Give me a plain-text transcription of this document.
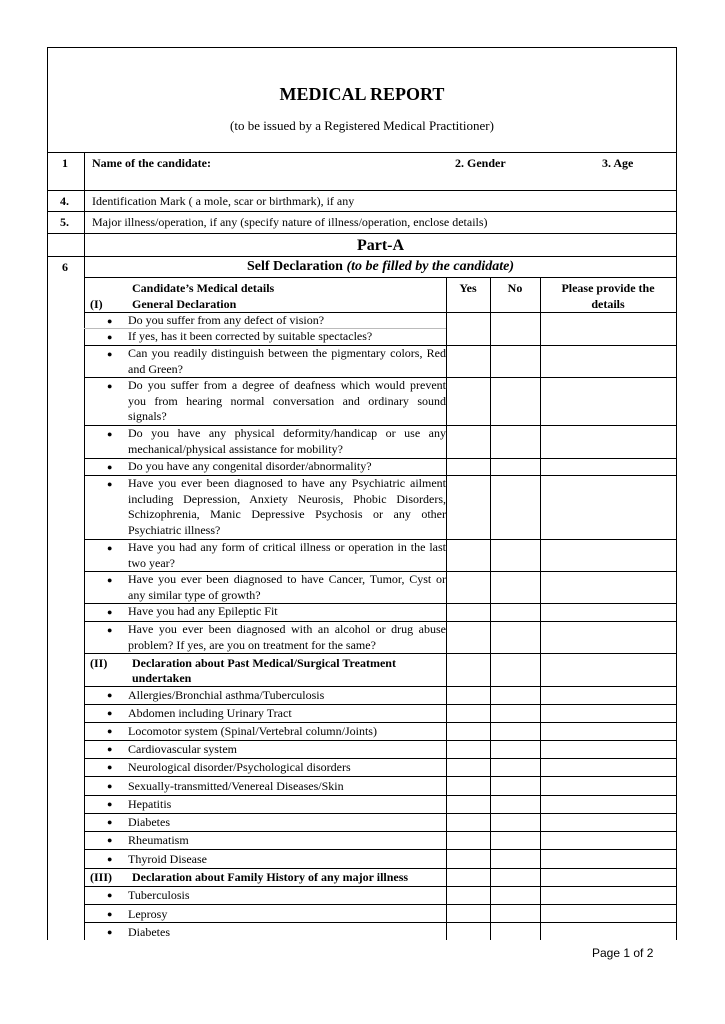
MEDICAL REPORT
(to be issued by a Registered Medical Practitioner)
1 Name of the candidate:	2. Gender	3. Age
4. Identification Mark ( a mole, scar or birthmark), if any
5. Major illness/operation, if any (specify nature of illness/operation, enclose details)
Part-A
6	Self Declaration (to be filled by the candidate)
Candidate’s Medical details
(I) General Declaration
Yes	No	Please provide the
details
● Do you suffer from any defect of vision?
● If yes, has it been corrected by suitable spectacles?
● Can you readily distinguish between the pigmentary colors, Red and Green?
● Do you suffer from a degree of deafness which would prevent you from hearing normal conversation and ordinary sound signals?
● Do you have any physical deformity/handicap or use any mechanical/physical assistance for mobility?
● Do you have any congenital disorder/abnormality?
● Have you ever been diagnosed to have any Psychiatric ailment including Depression, Anxiety Neurosis, Phobic Disorders, Schizophrenia, Manic Depressive Psychosis or any other Psychiatric illness?
● Have you had any form of critical illness or operation in the last two year?
● Have you ever been diagnosed to have Cancer, Tumor, Cyst or any similar type of growth?
● Have you had any Epileptic Fit
● Have you ever been diagnosed with an alcohol or drug abuse problem? If yes, are you on treatment for the same?
(II) Declaration about Past Medical/Surgical Treatment
undertaken
● Allergies/Bronchial asthma/Tuberculosis
● Abdomen including Urinary Tract
● Locomotor system (Spinal/Vertebral column/Joints)
● Cardiovascular system
● Neurological disorder/Psychological disorders
● Sexually-transmitted/Venereal Diseases/Skin
● Hepatitis
● Diabetes
● Rheumatism
● Thyroid Disease
(III) Declaration about Family History of any major illness
● Tuberculosis
● Leprosy
● Diabetes
Page 1 of 2
